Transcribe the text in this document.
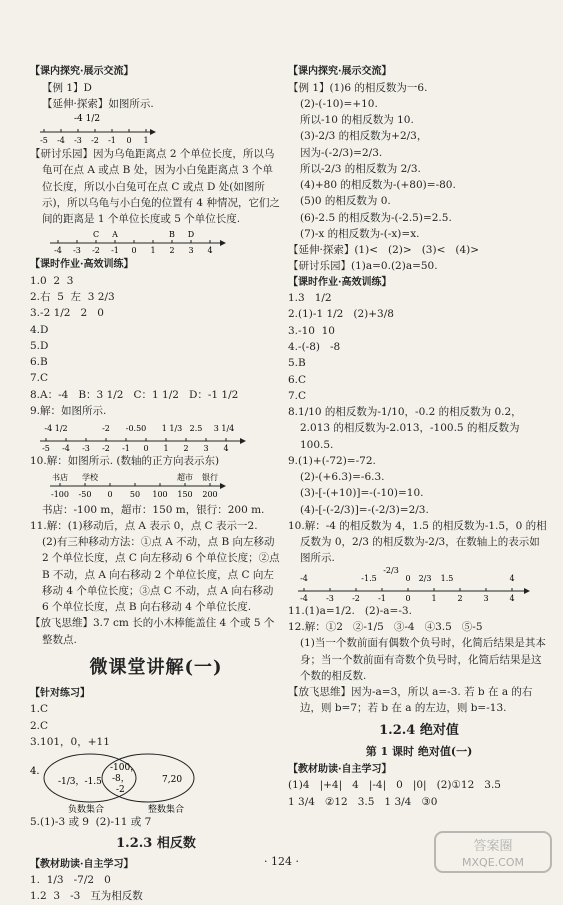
【课内探究·展示交流】
【例 1】D
【延伸·探索】如图所示.
-4 1/2
-5 -4 -3 -2 -1 0 1
【研讨乐园】因为乌龟距离点 2 个单位长度，所以乌龟可在点 A 或点 B 处，因为小白兔距离点 3 个单位长度，所以小白兔可在点 C 或点 D 处(如图所示)，所以乌龟与小白兔的位置有 4 种情况，它们之间的距离是 1 个单位长度或 5 个单位长度.
-4 -3 -2 -1 0 1 2 3 4
C A	B D
【课时作业·高效训练】
1.0  2  3
2.右  5  左 3 2/3
3.-2 1/2   2   0
4.D
5.D
6.B
7.C
8.A：-4   B：3 1/2   C：1 1/2   D：-1 1/2
9.解：如图所示.
-5 -4 -3 -2 -1 0 1 2 3 4
-4 1/2	-2 -0.50 1 1/3 2.5 3 1/4
10.解：如图所示. (数轴的正方向表示东)
-100 -50 0 50 100 150 200
书店 学校	超市 银行
书店：-100 m，超市：150 m，银行：200 m.
11.解：(1)移动后，点 A 表示 0，点 C 表示一2.
(2)有三种移动方法：①点 A 不动，点 B 向左移动 2 个单位长度，点 C 向左移动 6 个单位长度；②点 B 不动，点 A 向右移动 2 个单位长度，点 C 向左移动 4 个单位长度；③点 C 不动，点 A 向右移动 6 个单位长度，点 B 向右移动 4 个单位长度.
【放飞思维】3.7 cm 长的小木棒能盖住 4 个或 5 个整数点.
微课堂讲解(一)
【针对练习】
1.C
2.C
3.101，0，+11
4.
-1/3，-1.5
-100，
-8，
-2
7,20
负数集合	整数集合
5.(1)-3 或 9  (2)-11 或 7
1.2.3 相反数
【教材助读·自主学习】
1.  1/3   -7/2   0
1.2  3   -3   互为相反数
【课内探究·展示交流】
【例 1】(1)6 的相反数为一6.
(2)-(-10)=+10.
所以-10 的相反数为 10.
(3)-2/3 的相反数为+2/3，
因为-(-2/3)=2/3.
所以-2/3 的相反数为 2/3.
(4)+80 的相反数为-(+80)=-80.
(5)0 的相反数为 0.
(6)-2.5 的相反数为-(-2.5)=2.5.
(7)-x 的相反数为-(-x)=x.
【延伸·探索】(1)<   (2)>   (3)<   (4)>
【研讨乐园】(1)a=0.(2)a=50.
【课时作业·高效训练】
1.3   1/2
2.(1)-1 1/2   (2)+3/8
3.-10  10
4.-(-8)   -8
5.B
6.C
7.C
8.1/10 的相反数为-1/10，-0.2 的相反数为 0.2，2.013 的相反数为-2.013，-100.5 的相反数为 100.5.
9.(1)+(-72)=-72.
(2)-(+6.3)=-6.3.
(3)-[-(+10)]=-(-10)=10.
(4)-[-(-2/3)]=-(-2/3)=2/3.
10.解：-4 的相反数为 4，1.5 的相反数为-1.5，0 的相反数为 0，2/3 的相反数为-2/3，在数轴上的表示如图所示.
-4 -3 -2 -1 0	1	2	3	4
-4	-1.5	0 2/3 1.5	4
-2/3
11.(1)a=1/2.   (2)-a=-3.
12.解：①2   ②-1/5   ③-4   ④3.5   ⑤-5
(1)当一个数前面有偶数个负号时，化简后结果是其本身；当一个数前面有奇数个负号时，化简后结果是这个数的相反数.
【放飞思维】因为-a=3，所以 a=-3. 若 b 在 a 的右边，则 b=7；若 b 在 a 的左边，则 b=-13.
1.2.4 绝对值
第 1 课时 绝对值(一)
【教材助读·自主学习】
(1)4   |+4|   4   |-4|   0   |0|   (2)①12   3.5
1 3/4   ②12   3.5   1 3/4   ③0
· 124 ·
答案圈
MXQE.COM
